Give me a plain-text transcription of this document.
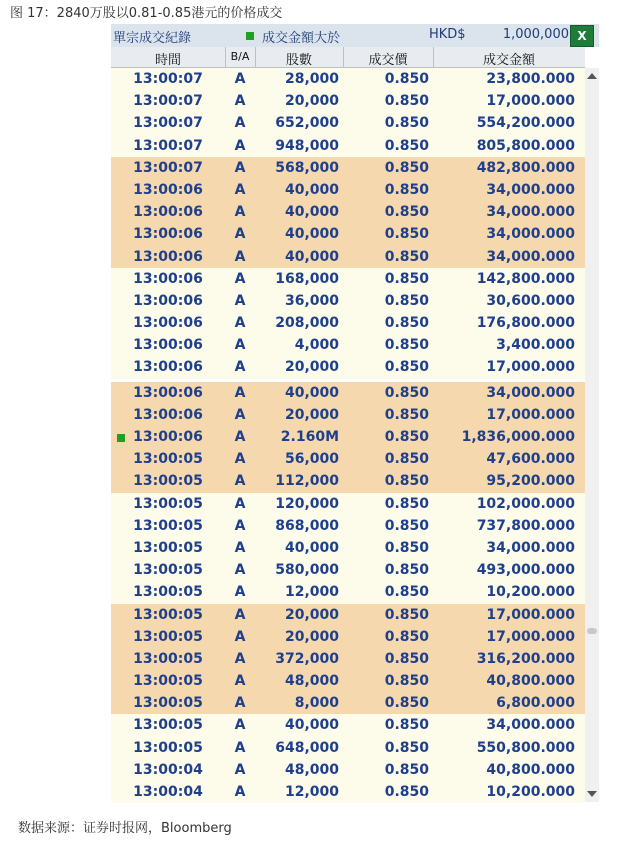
图 17：2840万股以0.81-0.85港元的价格成交
單宗成交紀錄	成交金額大於	HKD$	1,000,000 X
時間	B/A	股數	成交價	成交金額
13:00:07	A	28,000	0.850	23,800.000
13:00:07	A	20,000	0.850	17,000.000
13:00:07	A	652,000	0.850	554,200.000
13:00:07	A	948,000	0.850	805,800.000
13:00:07	A	568,000	0.850	482,800.000
13:00:06	A	40,000	0.850	34,000.000
13:00:06	A	40,000	0.850	34,000.000
13:00:06	A	40,000	0.850	34,000.000
13:00:06	A	40,000	0.850	34,000.000
13:00:06	A	168,000	0.850	142,800.000
13:00:06	A	36,000	0.850	30,600.000
13:00:06	A	208,000	0.850	176,800.000
13:00:06	A	4,000	0.850	3,400.000
13:00:06	A	20,000	0.850	17,000.000
13:00:06	A	40,000	0.850	34,000.000
13:00:06	A	20,000	0.850	17,000.000
13:00:06	A	2.160M	0.850	1,836,000.000
13:00:05	A	56,000	0.850	47,600.000
13:00:05	A	112,000	0.850	95,200.000
13:00:05	A	120,000	0.850	102,000.000
13:00:05	A	868,000	0.850	737,800.000
13:00:05	A	40,000	0.850	34,000.000
13:00:05	A	580,000	0.850	493,000.000
13:00:05	A	12,000	0.850	10,200.000
13:00:05	A	20,000	0.850	17,000.000
13:00:05	A	20,000	0.850	17,000.000
13:00:05	A	372,000	0.850	316,200.000
13:00:05	A	48,000	0.850	40,800.000
13:00:05	A	8,000	0.850	6,800.000
13:00:05	A	40,000	0.850	34,000.000
13:00:05	A	648,000	0.850	550,800.000
13:00:04	A	48,000	0.850	40,800.000
13:00:04	A	12,000	0.850	10,200.000
数据来源：证券时报网，Bloomberg
